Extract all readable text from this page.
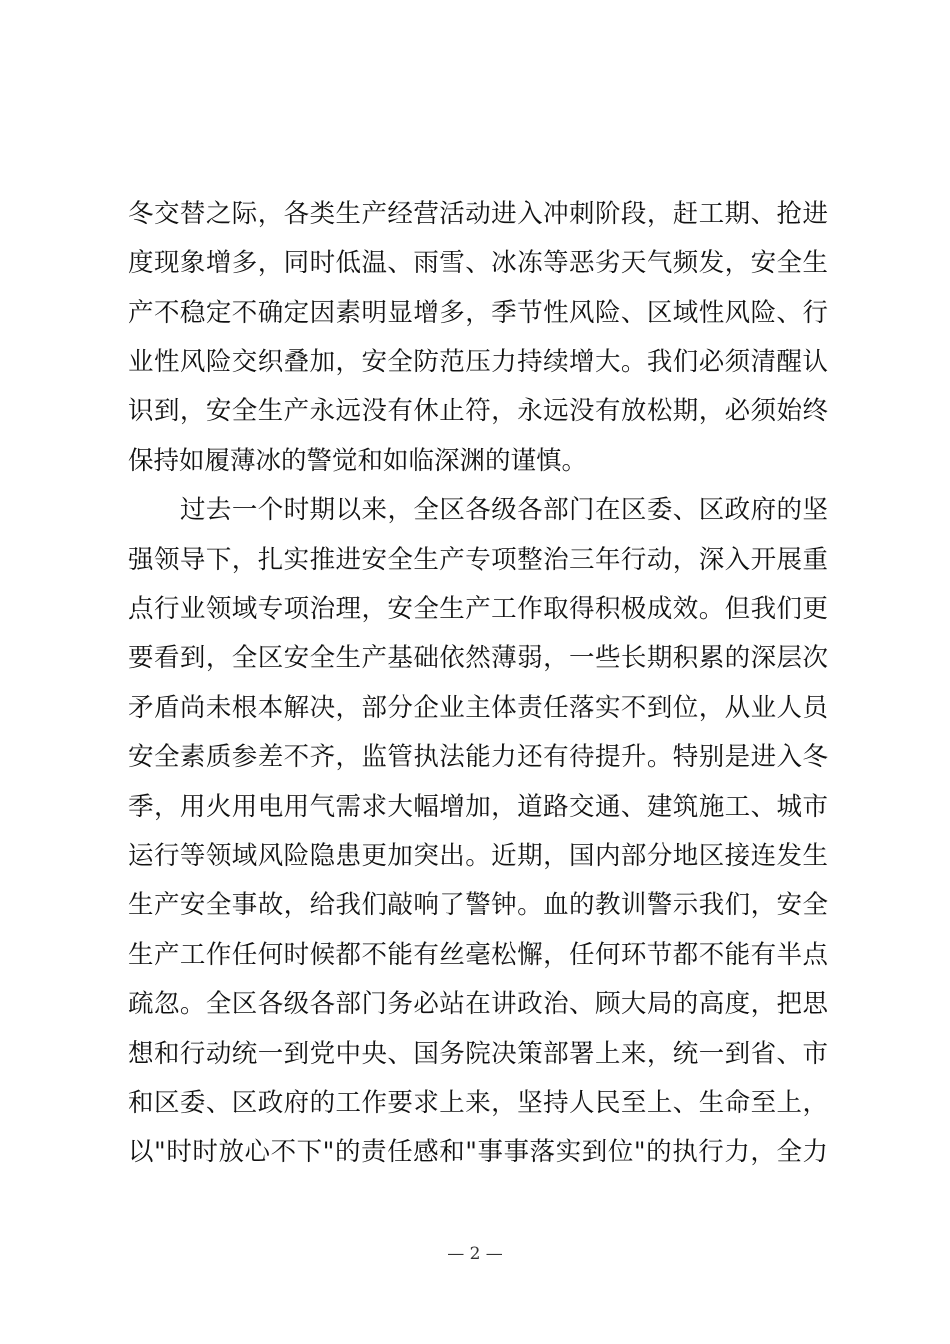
冬交替之际，各类生产经营活动进入冲刺阶段，赶工期、抢进
度现象增多，同时低温、雨雪、冰冻等恶劣天气频发，安全生
产不稳定不确定因素明显增多，季节性风险、区域性风险、行
业性风险交织叠加，安全防范压力持续增大。我们必须清醒认
识到，安全生产永远没有休止符，永远没有放松期，必须始终
保持如履薄冰的警觉和如临深渊的谨慎。
过去一个时期以来，全区各级各部门在区委、区政府的坚
强领导下，扎实推进安全生产专项整治三年行动，深入开展重
点行业领域专项治理，安全生产工作取得积极成效。但我们更
要看到，全区安全生产基础依然薄弱，一些长期积累的深层次
矛盾尚未根本解决，部分企业主体责任落实不到位，从业人员
安全素质参差不齐，监管执法能力还有待提升。特别是进入冬
季，用火用电用气需求大幅增加，道路交通、建筑施工、城市
运行等领域风险隐患更加突出。近期，国内部分地区接连发生
生产安全事故，给我们敲响了警钟。血的教训警示我们，安全
生产工作任何时候都不能有丝毫松懈，任何环节都不能有半点
疏忽。全区各级各部门务必站在讲政治、顾大局的高度，把思
想和行动统一到党中央、国务院决策部署上来，统一到省、市
和区委、区政府的工作要求上来，坚持人民至上、生命至上，
以"时时放心不下"的责任感和"事事落实到位"的执行力，全力
— 2 —
